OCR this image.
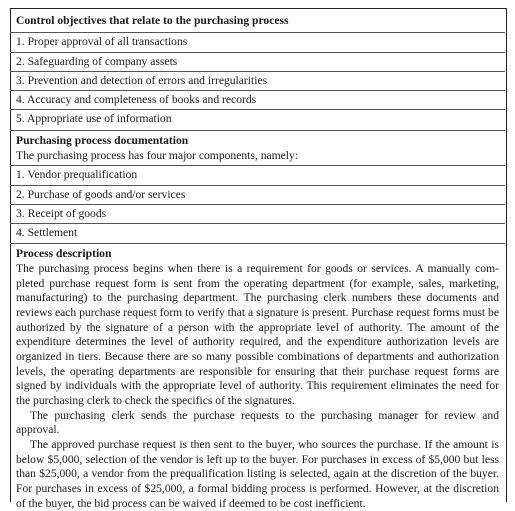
Control objectives that relate to the purchasing process
1. Proper approval of all transactions
2. Safeguarding of company assets
3. Prevention and detection of errors and irregularities
4. Accuracy and completeness of books and records
5. Appropriate use of information
Purchasing process documentation
The purchasing process has four major components, namely:
1. Vendor prequalification
2. Purchase of goods and/or services
3. Receipt of goods
4. Settlement
Process description

The purchasing process begins when there is a requirement for goods or services. A manually completed purchase request form is sent from the operating department (for example, sales, marketing, manufacturing) to the purchasing department. The purchasing clerk numbers these documents and reviews each purchase request form to verify that a signature is present. Purchase request forms must be authorized by the signature of a person with the appropriate level of authority. The amount of the expenditure determines the level of authority required, and the expenditure authorization levels are organized in tiers. Because there are so many possible combinations of departments and authorization levels, the operating departments are responsible for ensuring that their purchase request forms are signed by individuals with the appropriate level of authority. This requirement eliminates the need for the purchasing clerk to check the specifics of the signatures.

The purchasing clerk sends the purchase requests to the purchasing manager for review and approval.

The approved purchase request is then sent to the buyer, who sources the purchase. If the amount is below $5,000, selection of the vendor is left up to the buyer. For purchases in excess of $5,000 but less than $25,000, a vendor from the prequalification listing is selected, again at the discretion of the buyer. For purchases in excess of $25,000, a formal bidding process is performed. However, at the discretion of the buyer, the bid process can be waived if deemed to be cost inefficient.
